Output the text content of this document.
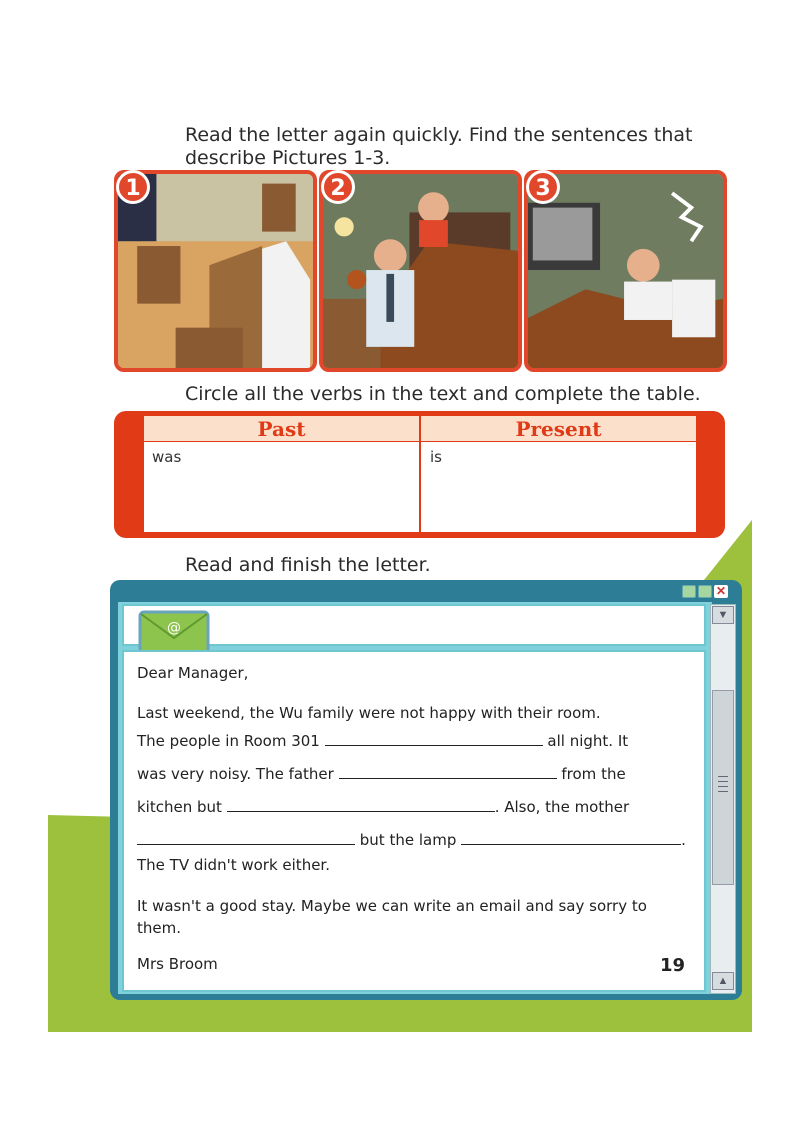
Read the letter again quickly. Find the sentences that
describe Pictures 1-3.
1	2	3
Circle all the verbs in the text and complete the table.
Past	Present
was	is
Read and finish the letter.
✕
@
▼
▲
Dear Manager,
Last weekend, the Wu family were not happy with their room.
The people in Room 301	all night. It
was very noisy. The father	from the
kitchen but	. Also, the mother
but the lamp	.
The TV didn't work either.
It wasn't a good stay. Maybe we can write an email and say sorry to
them.
Mrs Broom	19
